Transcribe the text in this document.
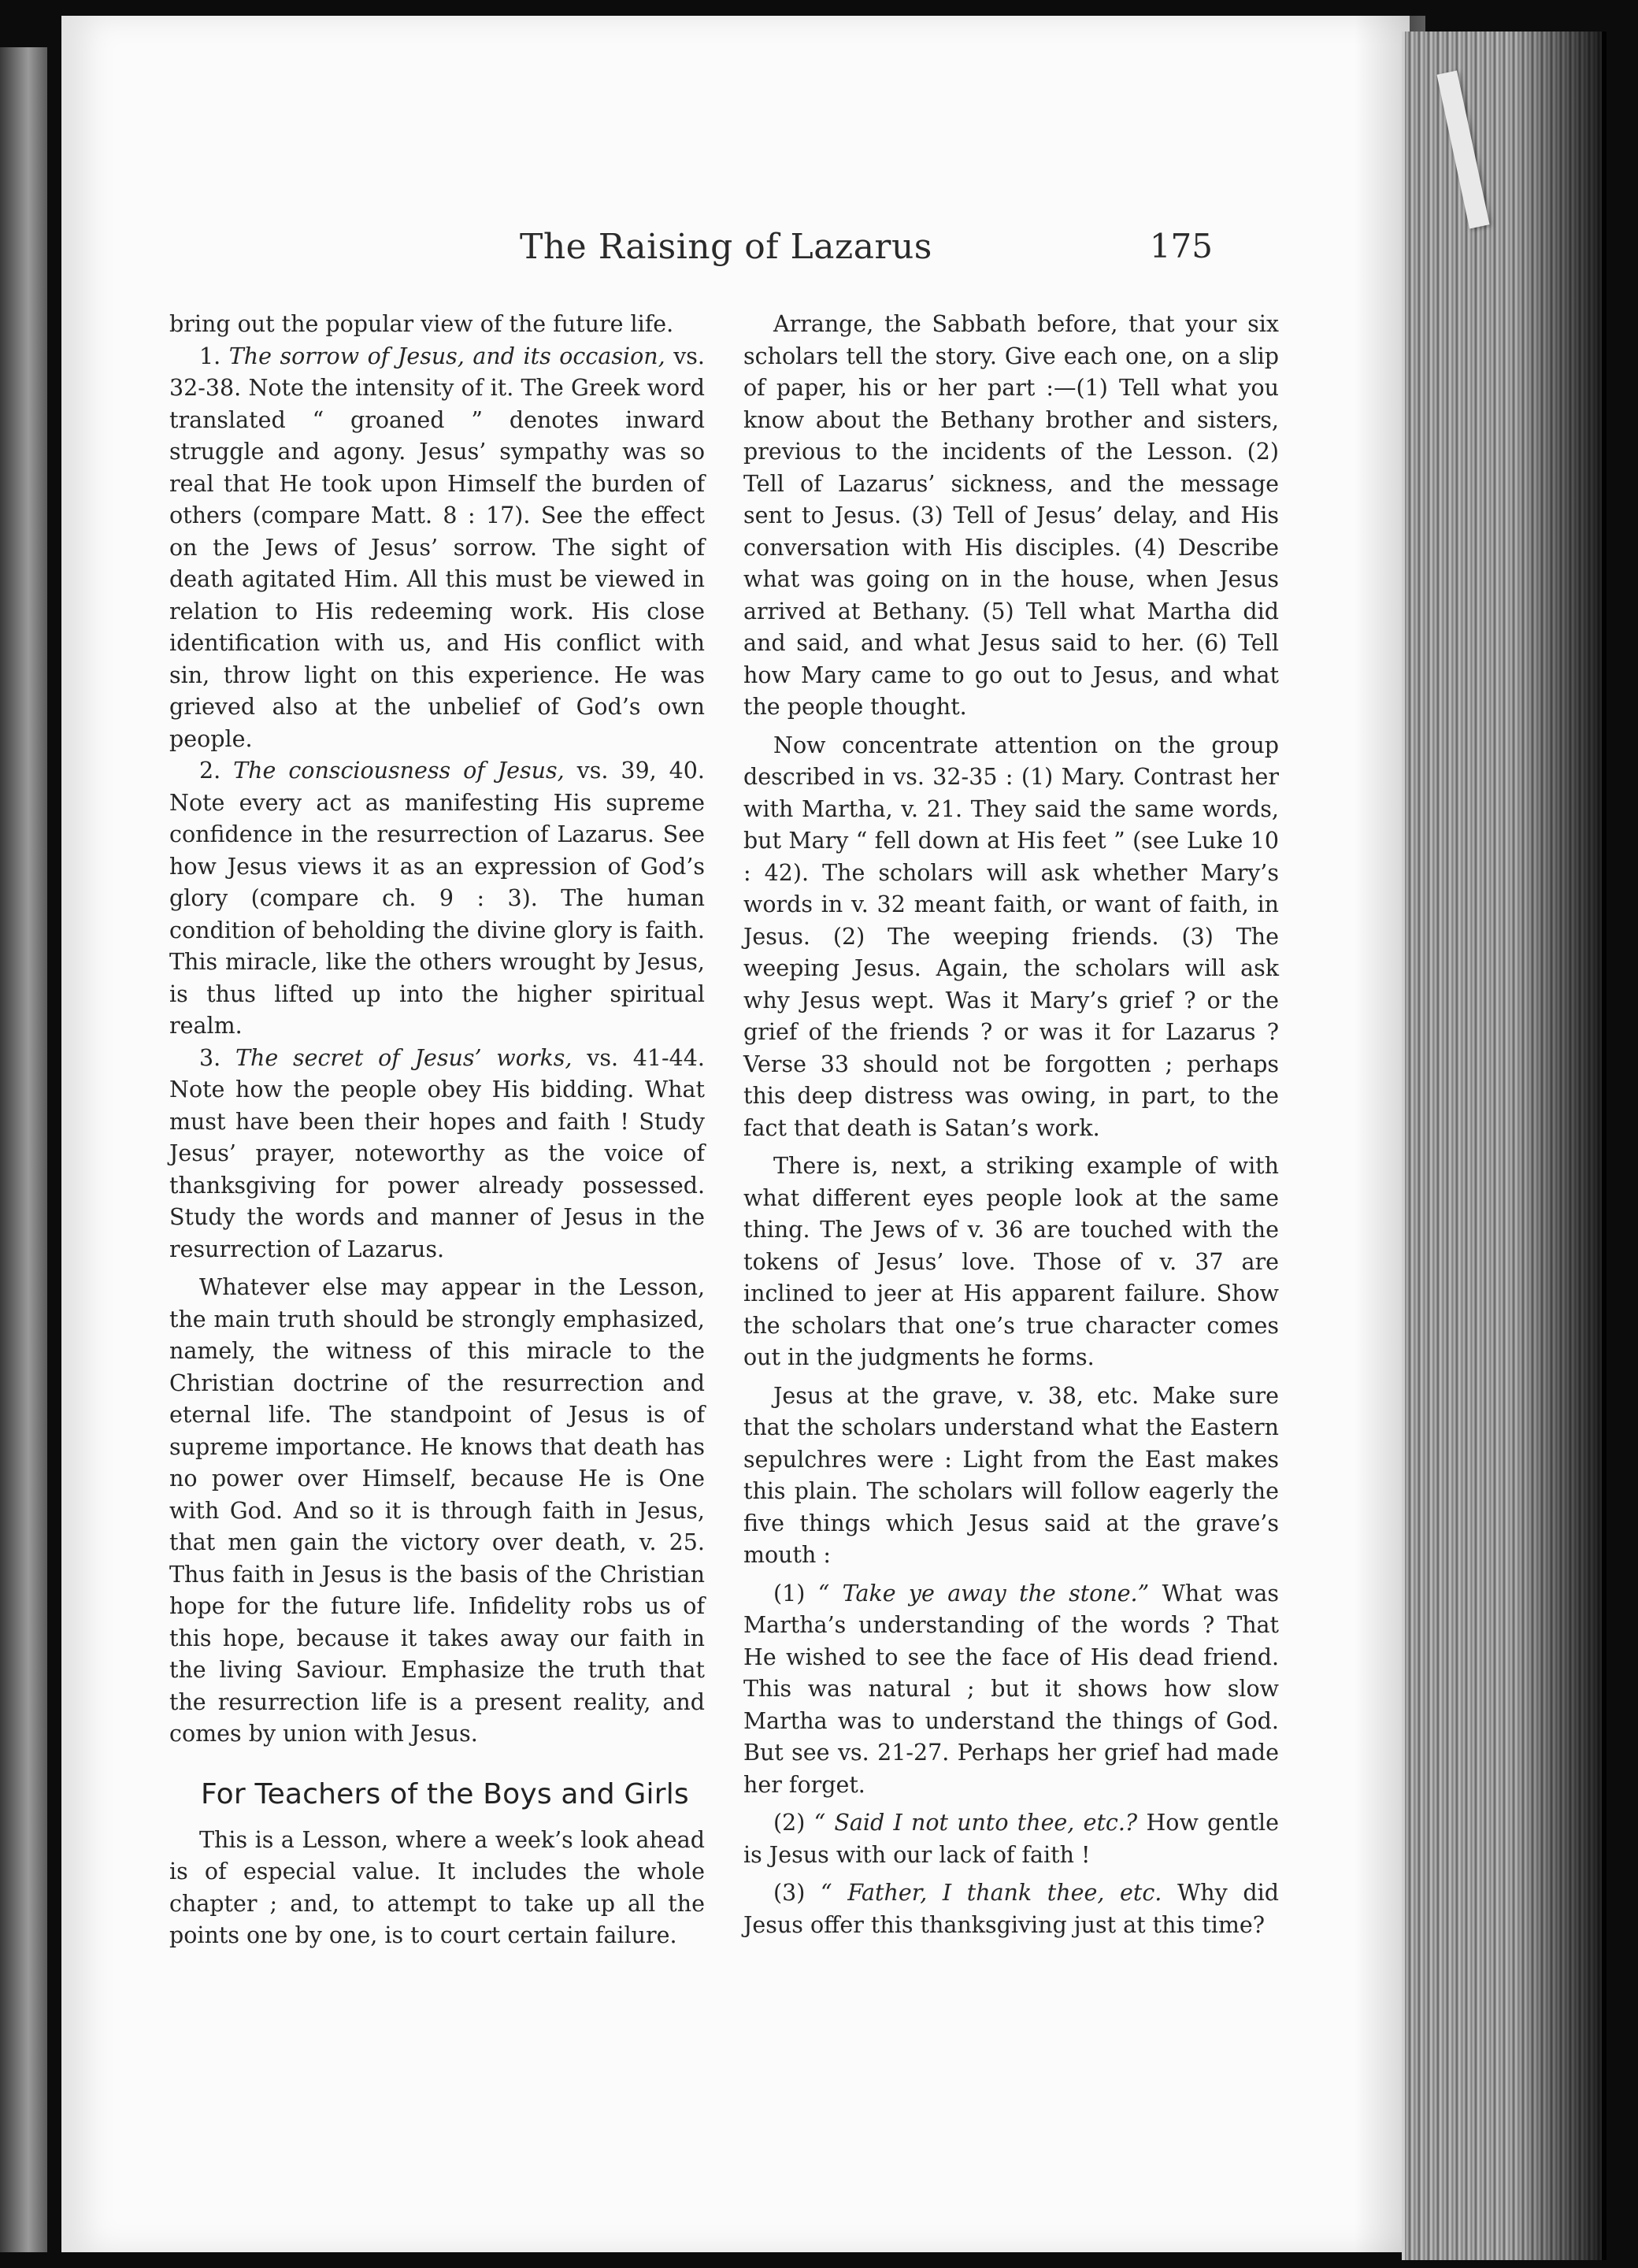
The Raising of Lazarus	175

bring out the popular view of the future life.

1. The sorrow of Jesus, and its occasion, vs. 32-38. Note the intensity of it. The Greek word translated “ groaned ” denotes inward struggle and agony. Jesus’ sympathy was so real that He took upon Himself the burden of others (compare Matt. 8 : 17). See the effect on the Jews of Jesus’ sorrow. The sight of death agitated Him. All this must be viewed in relation to His redeeming work. His close identification with us, and His conflict with sin, throw light on this experience. He was grieved also at the unbelief of God’s own people.

2. The consciousness of Jesus, vs. 39, 40. Note every act as manifesting His supreme confidence in the resurrection of Lazarus. See how Jesus views it as an expression of God’s glory (compare ch. 9 : 3). The human condition of beholding the divine glory is faith. This miracle, like the others wrought by Jesus, is thus lifted up into the higher spiritual realm.

3. The secret of Jesus’ works, vs. 41-44. Note how the people obey His bidding. What must have been their hopes and faith ! Study Jesus’ prayer, noteworthy as the voice of thanksgiving for power already possessed. Study the words and manner of Jesus in the resurrection of Lazarus.

Whatever else may appear in the Lesson, the main truth should be strongly emphasized, namely, the witness of this miracle to the Christian doctrine of the resurrection and eternal life. The standpoint of Jesus is of supreme importance. He knows that death has no power over Himself, because He is One with God. And so it is through faith in Jesus, that men gain the victory over death, v. 25. Thus faith in Jesus is the basis of the Christian hope for the future life. Infidelity robs us of this hope, because it takes away our faith in the living Saviour. Emphasize the truth that the resurrection life is a present reality, and comes by union with Jesus.

For Teachers of the Boys and Girls

This is a Lesson, where a week’s look ahead is of especial value. It includes the whole chapter ; and, to attempt to take up all the points one by one, is to court certain failure.

Arrange, the Sabbath before, that your six scholars tell the story. Give each one, on a slip of paper, his or her part :—(1) Tell what you know about the Bethany brother and sisters, previous to the incidents of the Lesson. (2) Tell of Lazarus’ sickness, and the message sent to Jesus. (3) Tell of Jesus’ delay, and His conversation with His disciples. (4) Describe what was going on in the house, when Jesus arrived at Bethany. (5) Tell what Martha did and said, and what Jesus said to her. (6) Tell how Mary came to go out to Jesus, and what the people thought.

Now concentrate attention on the group described in vs. 32-35 : (1) Mary. Contrast her with Martha, v. 21. They said the same words, but Mary “ fell down at His feet ” (see Luke 10 : 42). The scholars will ask whether Mary’s words in v. 32 meant faith, or want of faith, in Jesus. (2) The weeping friends. (3) The weeping Jesus. Again, the scholars will ask why Jesus wept. Was it Mary’s grief ? or the grief of the friends ? or was it for Lazarus ? Verse 33 should not be forgotten ; perhaps this deep distress was owing, in part, to the fact that death is Satan’s work.

There is, next, a striking example of with what different eyes people look at the same thing. The Jews of v. 36 are touched with the tokens of Jesus’ love. Those of v. 37 are inclined to jeer at His apparent failure. Show the scholars that one’s true character comes out in the judgments he forms.

Jesus at the grave, v. 38, etc. Make sure that the scholars understand what the Eastern sepulchres were : Light from the East makes this plain. The scholars will follow eagerly the five things which Jesus said at the grave’s mouth :

(1) “ Take ye away the stone.” What was Martha’s understanding of the words ? That He wished to see the face of His dead friend. This was natural ; but it shows how slow Martha was to understand the things of God. But see vs. 21-27. Perhaps her grief had made her forget.

(2) “ Said I not unto thee, etc.? How gentle is Jesus with our lack of faith !

(3) “ Father, I thank thee, etc. Why did Jesus offer this thanksgiving just at this time?
